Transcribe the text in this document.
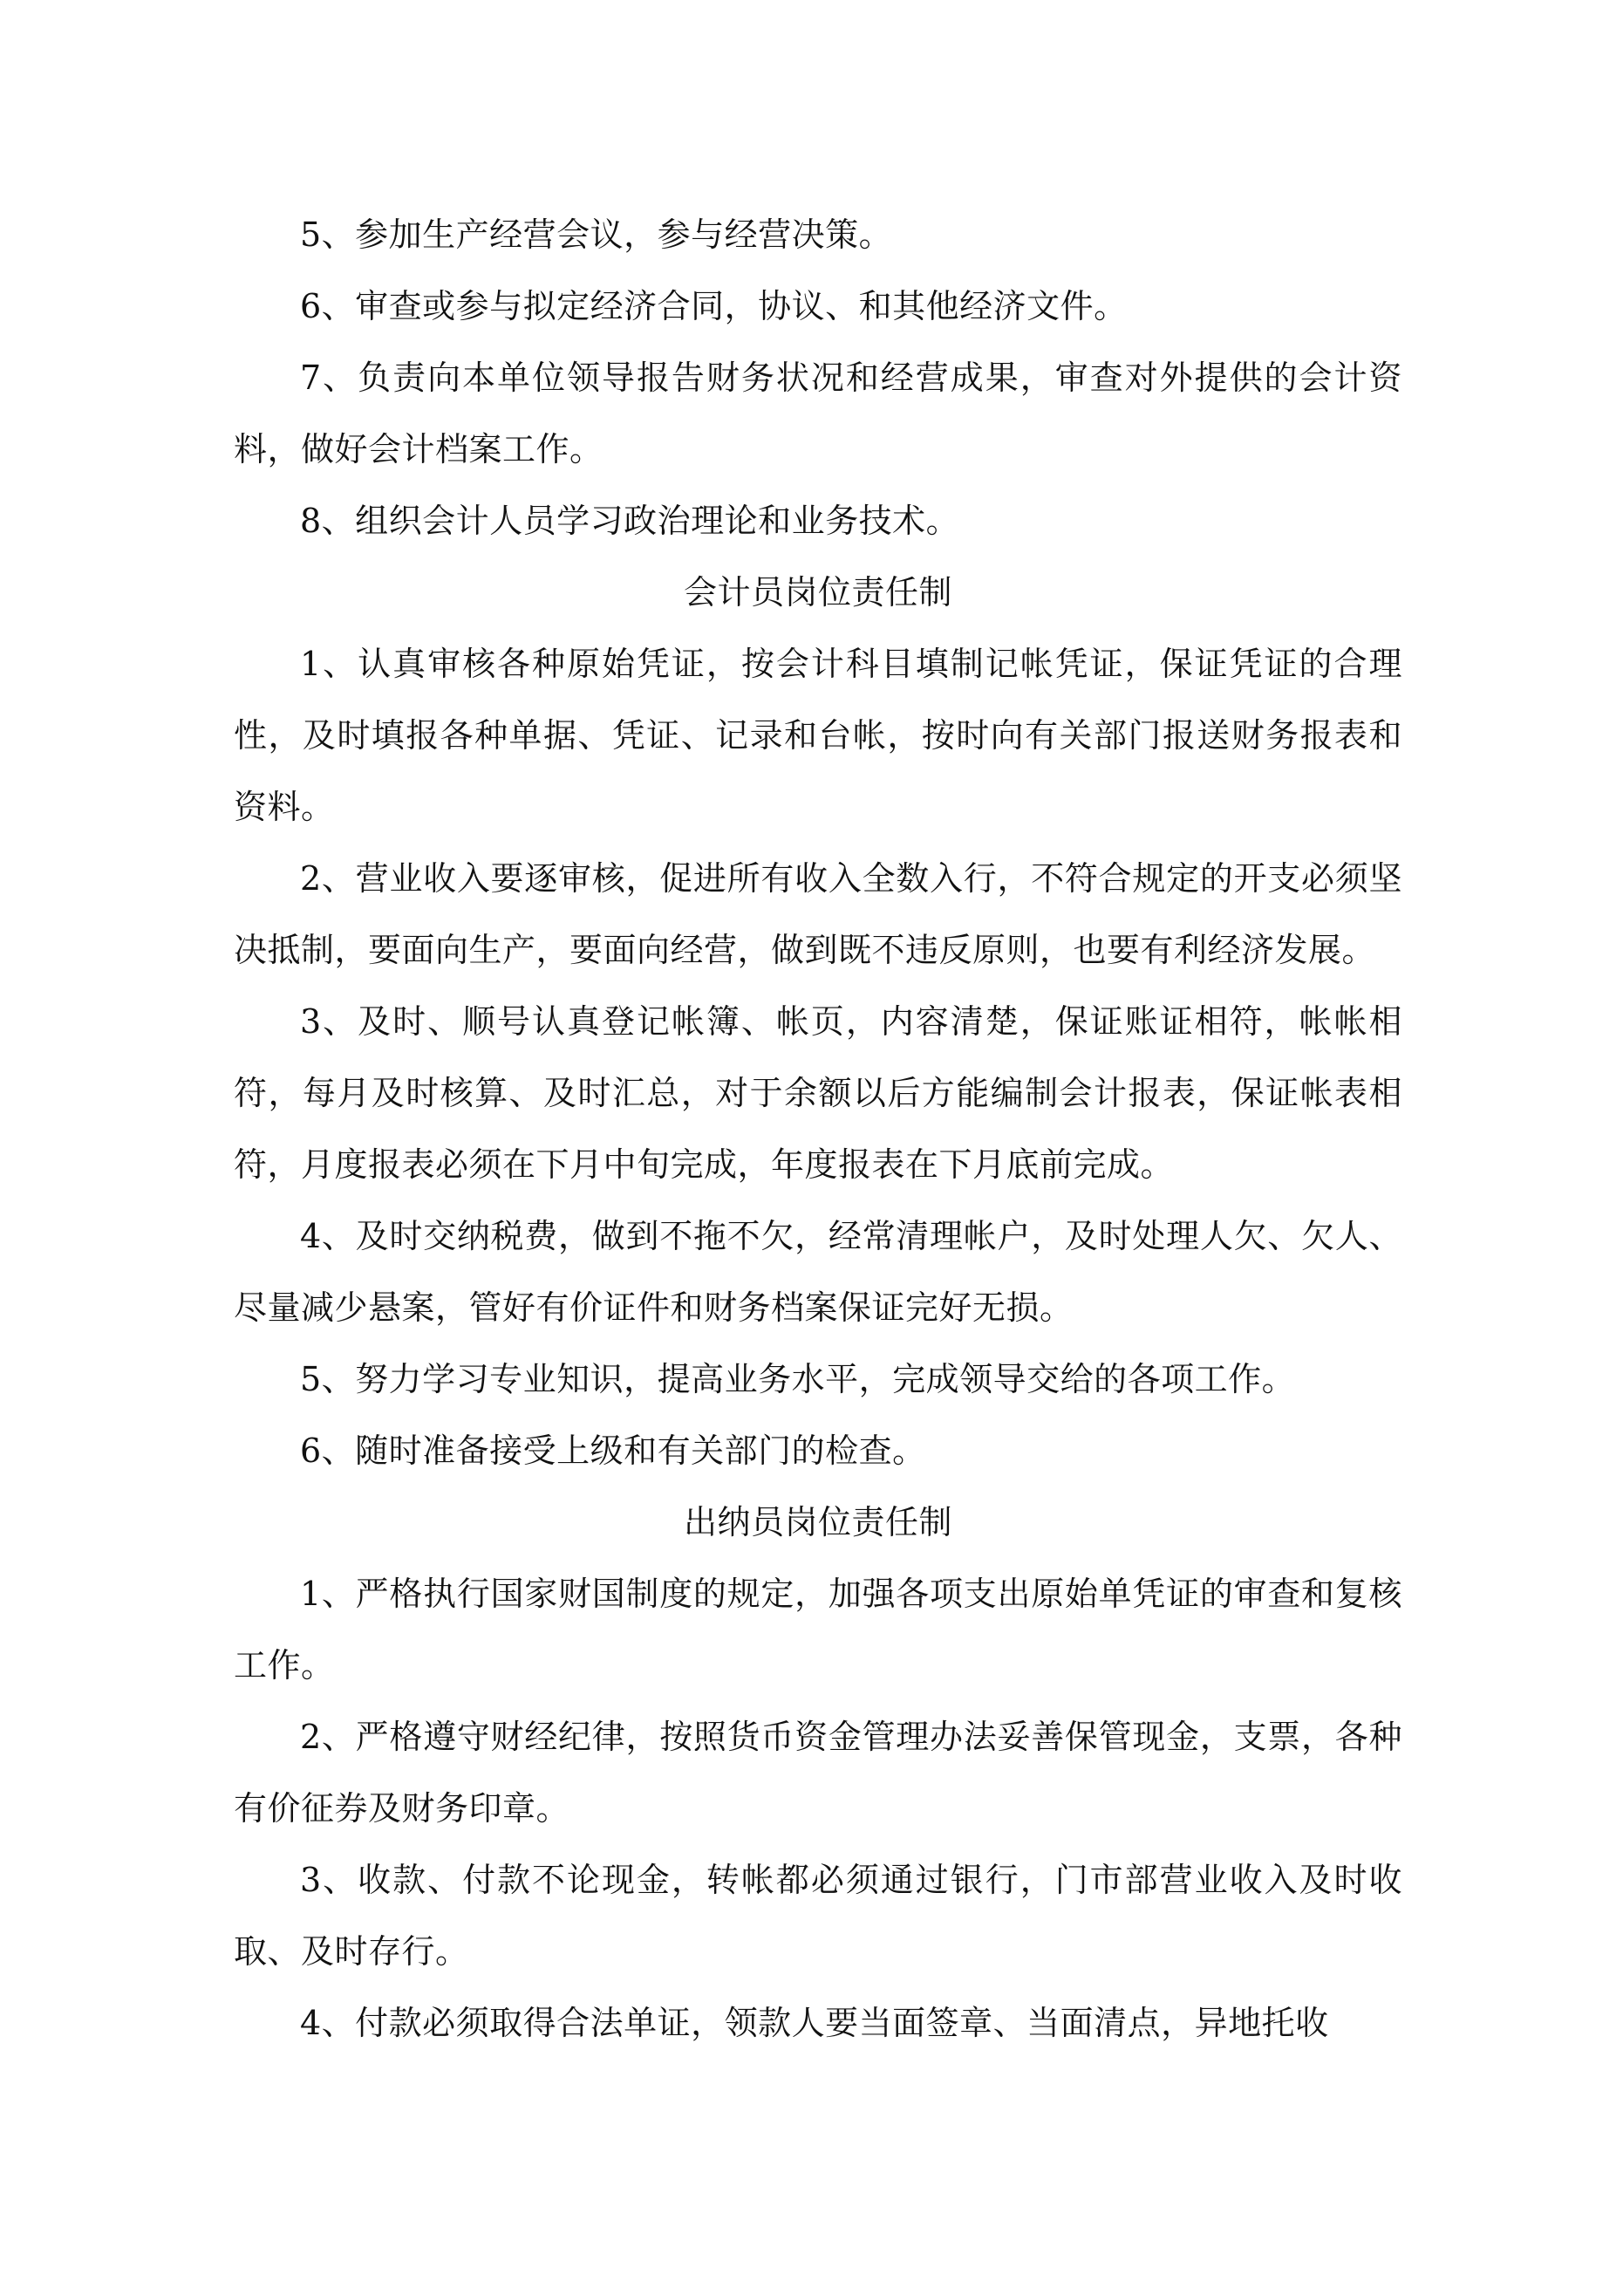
5、参加生产经营会议，参与经营决策。

6、审查或参与拟定经济合同，协议、和其他经济文件。

7、负责向本单位领导报告财务状况和经营成果，审查对外提供的会计资料，做好会计档案工作。

8、组织会计人员学习政治理论和业务技术。

会计员岗位责任制

1、认真审核各种原始凭证，按会计科目填制记帐凭证，保证凭证的合理性，及时填报各种单据、凭证、记录和台帐，按时向有关部门报送财务报表和资料。

2、营业收入要逐审核，促进所有收入全数入行，不符合规定的开支必须坚决抵制，要面向生产，要面向经营，做到既不违反原则，也要有利经济发展。

3、及时、顺号认真登记帐簿、帐页，内容清楚，保证账证相符，帐帐相符，每月及时核算、及时汇总，对于余额以后方能编制会计报表，保证帐表相符，月度报表必须在下月中旬完成，年度报表在下月底前完成。

4、及时交纳税费，做到不拖不欠，经常清理帐户，及时处理人欠、欠人、尽量减少悬案，管好有价证件和财务档案保证完好无损。

5、努力学习专业知识，提高业务水平，完成领导交给的各项工作。

6、随时准备接受上级和有关部门的检查。

出纳员岗位责任制

1、严格执行国家财国制度的规定，加强各项支出原始单凭证的审查和复核工作。

2、严格遵守财经纪律，按照货币资金管理办法妥善保管现金，支票，各种有价征券及财务印章。

3、收款、付款不论现金，转帐都必须通过银行，门市部营业收入及时收取、及时存行。

4、付款必须取得合法单证，领款人要当面签章、当面清点，异地托收
